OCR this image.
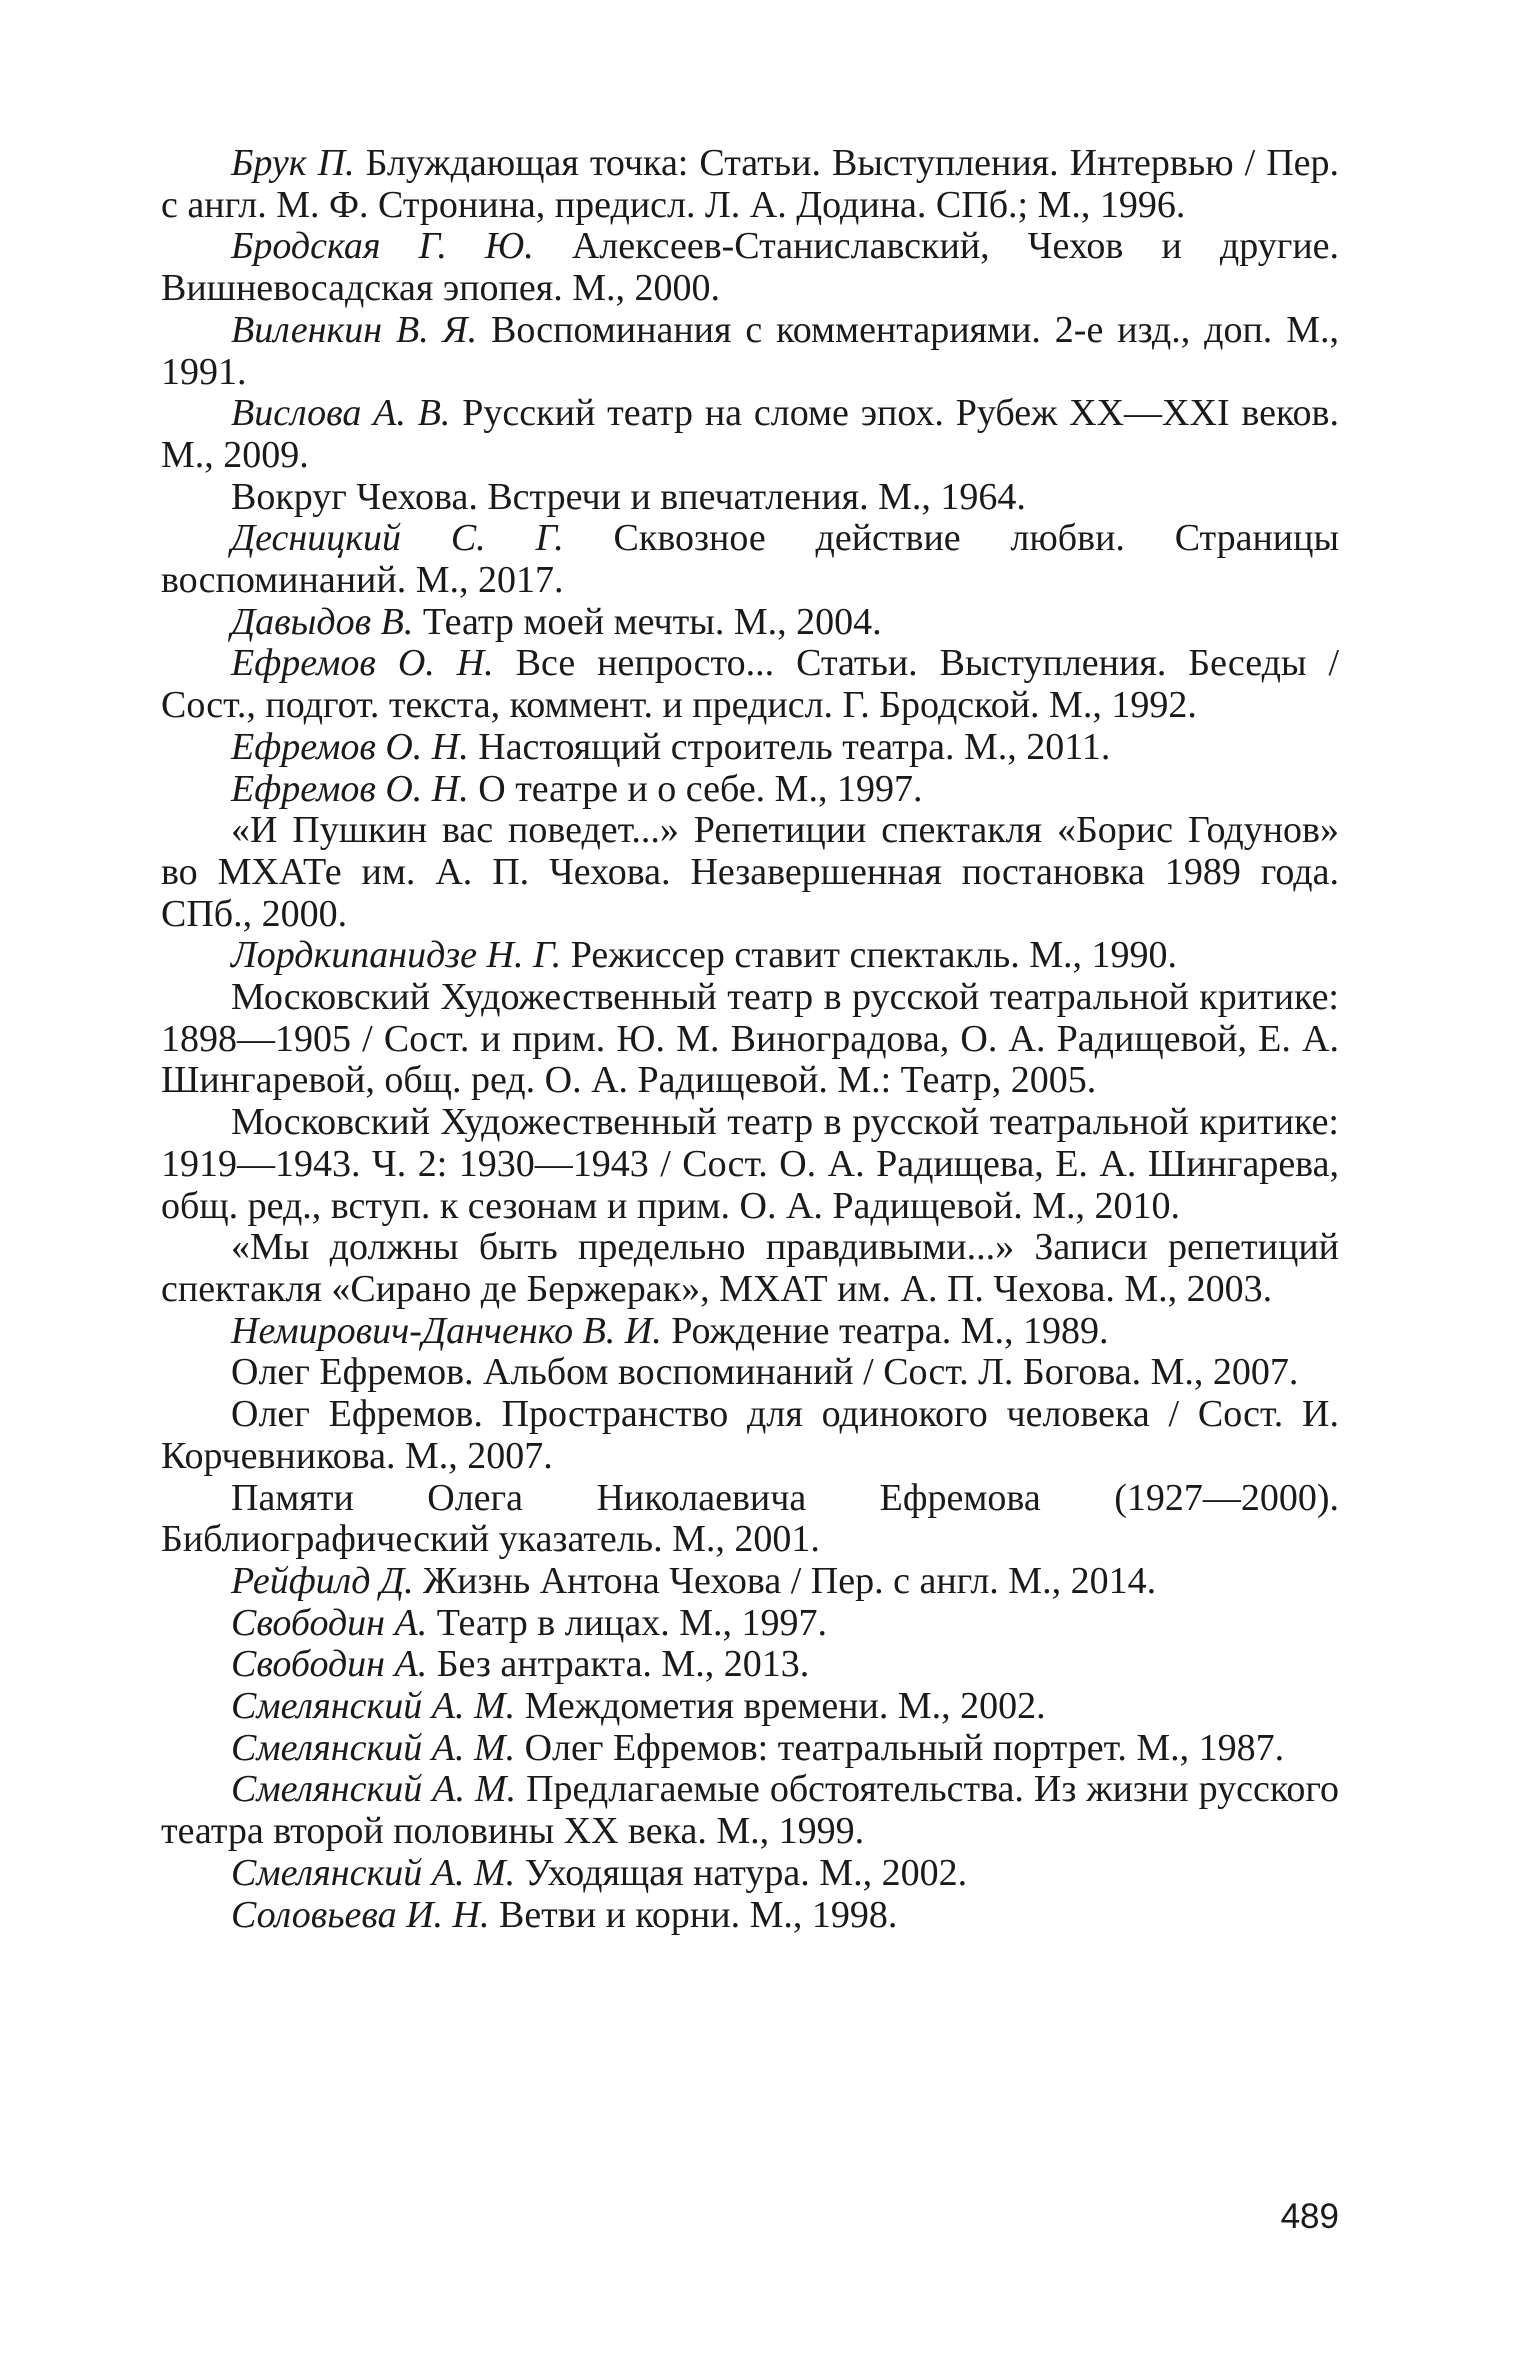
Брук П. Блуждающая точка: Статьи. Выступления. Интервью / Пер. с англ. М. Ф. Стронина, предисл. Л. А. Додина. СПб.; М., 1996.

Бродская Г. Ю. Алексеев-Станиславский, Чехов и другие. Вишневосадская эпопея. М., 2000.

Виленкин В. Я. Воспоминания с комментариями. 2-е изд., доп. М., 1991.

Вислова А. В. Русский театр на сломе эпох. Рубеж XX—XXI веков. М., 2009.

Вокруг Чехова. Встречи и впечатления. М., 1964.

Десницкий С. Г. Сквозное действие любви. Страницы воспоминаний. М., 2017.

Давыдов В. Театр моей мечты. М., 2004.

Ефремов О. Н. Все непросто... Статьи. Выступления. Беседы / Сост., подгот. текста, коммент. и предисл. Г. Бродской. М., 1992.

Ефремов О. Н. Настоящий строитель театра. М., 2011.

Ефремов О. Н. О театре и о себе. М., 1997.

«И Пушкин вас поведет...» Репетиции спектакля «Борис Годунов» во МХАТе им. А. П. Чехова. Незавершенная постановка 1989 года. СПб., 2000.

Лордкипанидзе Н. Г. Режиссер ставит спектакль. М., 1990.

Московский Художественный театр в русской театральной критике: 1898—1905 / Сост. и прим. Ю. М. Виноградова, О. А. Радищевой, Е. А. Шингаревой, общ. ред. О. А. Радищевой. М.: Театр, 2005.

Московский Художественный театр в русской театральной критике: 1919—1943. Ч. 2: 1930—1943 / Сост. О. А. Радищева, Е. А. Шингарева, общ. ред., вступ. к сезонам и прим. О. А. Радищевой. М., 2010.

«Мы должны быть предельно правдивыми...» Записи репетиций спектакля «Сирано де Бержерак», МХАТ им. А. П. Чехова. М., 2003.

Немирович-Данченко В. И. Рождение театра. М., 1989.

Олег Ефремов. Альбом воспоминаний / Сост. Л. Богова. М., 2007.

Олег Ефремов. Пространство для одинокого человека / Сост. И. Корчевникова. М., 2007.

Памяти Олега Николаевича Ефремова (1927—2000). Библиографический указатель. М., 2001.

Рейфилд Д. Жизнь Антона Чехова / Пер. с англ. М., 2014.

Свободин А. Театр в лицах. М., 1997.

Свободин А. Без антракта. М., 2013.

Смелянский А. М. Междометия времени. М., 2002.

Смелянский А. М. Олег Ефремов: театральный портрет. М., 1987.

Смелянский А. М. Предлагаемые обстоятельства. Из жизни русского театра второй половины XX века. М., 1999.

Смелянский А. М. Уходящая натура. М., 2002.

Соловьева И. Н. Ветви и корни. М., 1998.

489
